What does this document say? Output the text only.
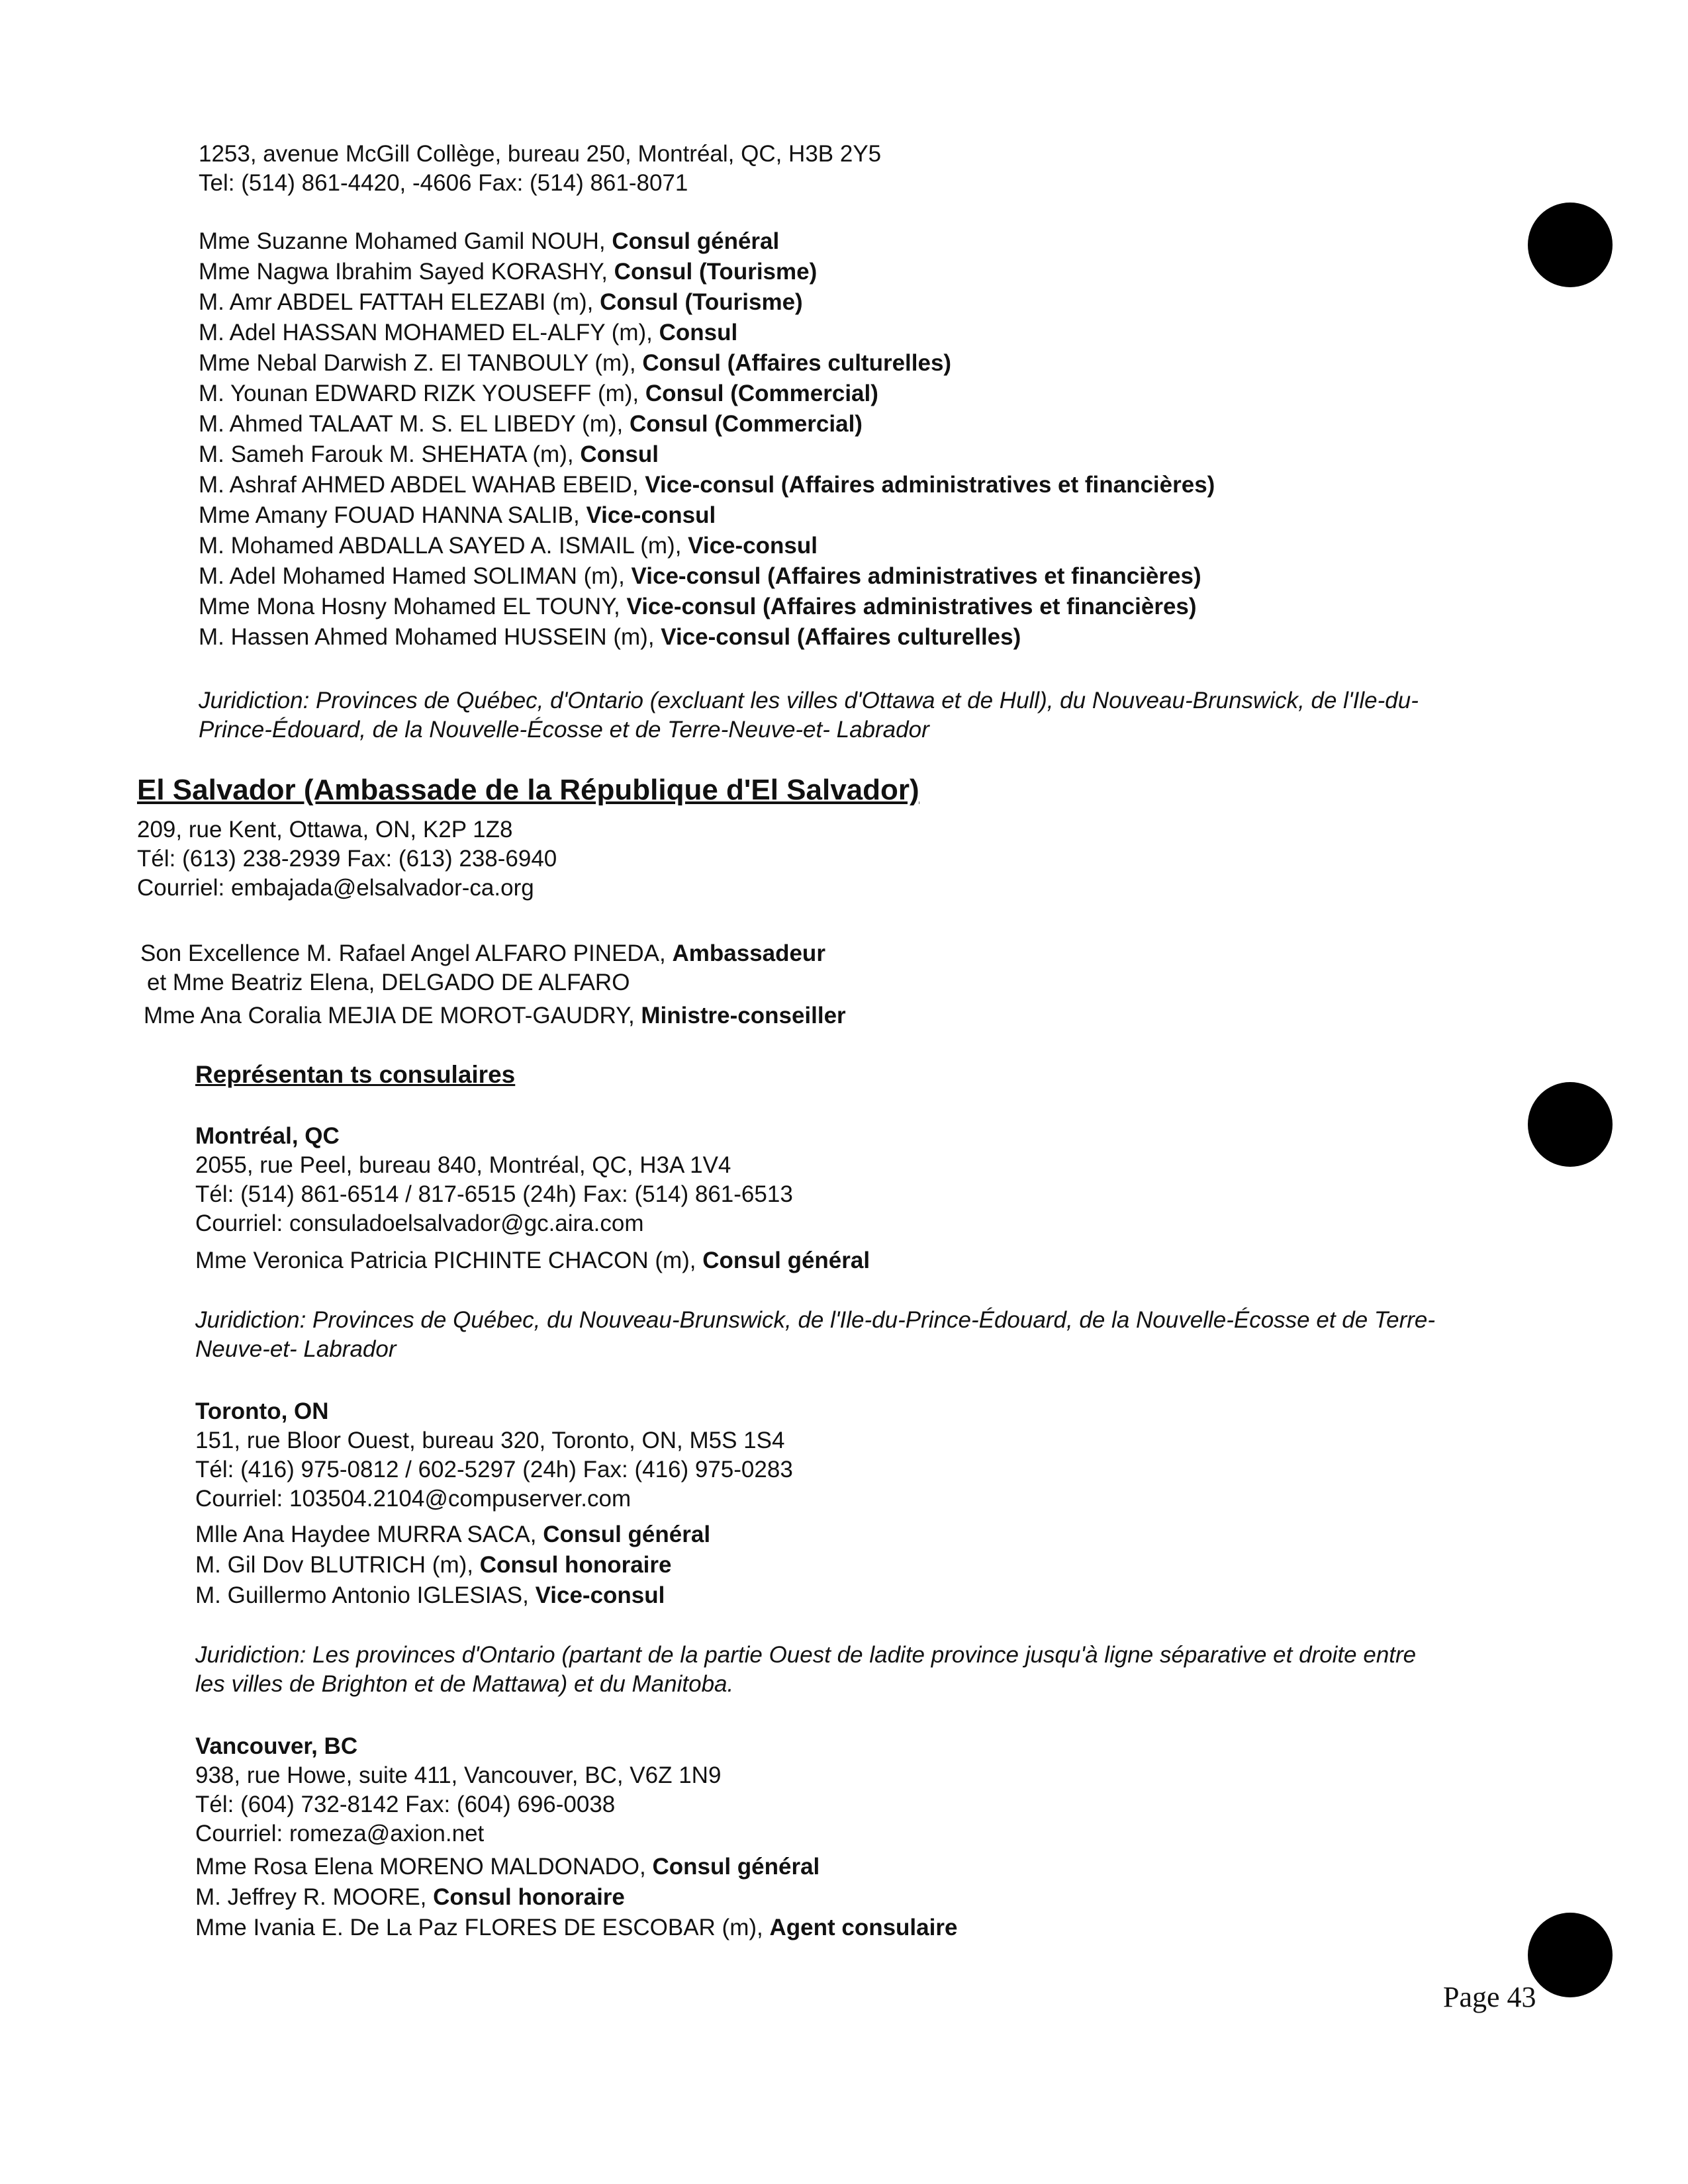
1253, avenue McGill Collège, bureau 250, Montréal, QC, H3B 2Y5
Tel: (514) 861-4420, -4606 Fax: (514) 861-8071
Mme Suzanne Mohamed Gamil NOUH, Consul général
Mme Nagwa Ibrahim Sayed KORASHY, Consul (Tourisme)
M. Amr ABDEL FATTAH ELEZABI (m), Consul (Tourisme)
M. Adel HASSAN MOHAMED EL-ALFY (m), Consul
Mme Nebal Darwish Z. El TANBOULY (m), Consul (Affaires culturelles)
M. Younan EDWARD RIZK YOUSEFF (m), Consul (Commercial)
M. Ahmed TALAAT M. S. EL LIBEDY (m), Consul (Commercial)
M. Sameh Farouk M. SHEHATA (m), Consul
M. Ashraf AHMED ABDEL WAHAB EBEID, Vice-consul (Affaires administratives et financières)
Mme Amany FOUAD HANNA SALIB, Vice-consul
M. Mohamed ABDALLA SAYED A. ISMAIL (m), Vice-consul
M. Adel Mohamed Hamed SOLIMAN (m), Vice-consul (Affaires administratives et financières)
Mme Mona Hosny Mohamed EL TOUNY, Vice-consul (Affaires administratives et financières)
M. Hassen Ahmed Mohamed HUSSEIN (m), Vice-consul (Affaires culturelles)
Juridiction: Provinces de Québec, d'Ontario (excluant les villes d'Ottawa et de Hull), du Nouveau-Brunswick, de l'Ile-du-
Prince-Édouard, de la Nouvelle-Écosse et de Terre-Neuve-et- Labrador
El Salvador (Ambassade de la République d'El Salvador)
209, rue Kent, Ottawa, ON, K2P 1Z8
Tél: (613) 238-2939 Fax: (613) 238-6940
Courriel: embajada@elsalvador-ca.org
Son Excellence M. Rafael Angel ALFARO PINEDA, Ambassadeur
et Mme Beatriz Elena, DELGADO DE ALFARO
Mme Ana Coralia MEJIA DE MOROT-GAUDRY, Ministre-conseiller
Représentan ts consulaires
Montréal, QC
2055, rue Peel, bureau 840, Montréal, QC, H3A 1V4
Tél: (514) 861-6514 / 817-6515 (24h) Fax: (514) 861-6513
Courriel: consuladoelsalvador@gc.aira.com
Mme Veronica Patricia PICHINTE CHACON (m), Consul général
Juridiction: Provinces de Québec, du Nouveau-Brunswick, de l'Ile-du-Prince-Édouard, de la Nouvelle-Écosse et de Terre-
Neuve-et- Labrador
Toronto, ON
151, rue Bloor Ouest, bureau 320, Toronto, ON, M5S 1S4
Tél: (416) 975-0812 / 602-5297 (24h) Fax: (416) 975-0283
Courriel: 103504.2104@compuserver.com
Mlle Ana Haydee MURRA SACA, Consul général
M. Gil Dov BLUTRICH (m), Consul honoraire
M. Guillermo Antonio IGLESIAS, Vice-consul
Juridiction: Les provinces d'Ontario (partant de la partie Ouest de ladite province jusqu'à ligne séparative et droite entre
les villes de Brighton et de Mattawa) et du Manitoba.
Vancouver, BC
938, rue Howe, suite 411, Vancouver, BC, V6Z 1N9
Tél: (604) 732-8142 Fax: (604) 696-0038
Courriel: romeza@axion.net
Mme Rosa Elena MORENO MALDONADO, Consul général
M. Jeffrey R. MOORE, Consul honoraire
Mme Ivania E. De La Paz FLORES DE ESCOBAR (m), Agent consulaire
Page 43
